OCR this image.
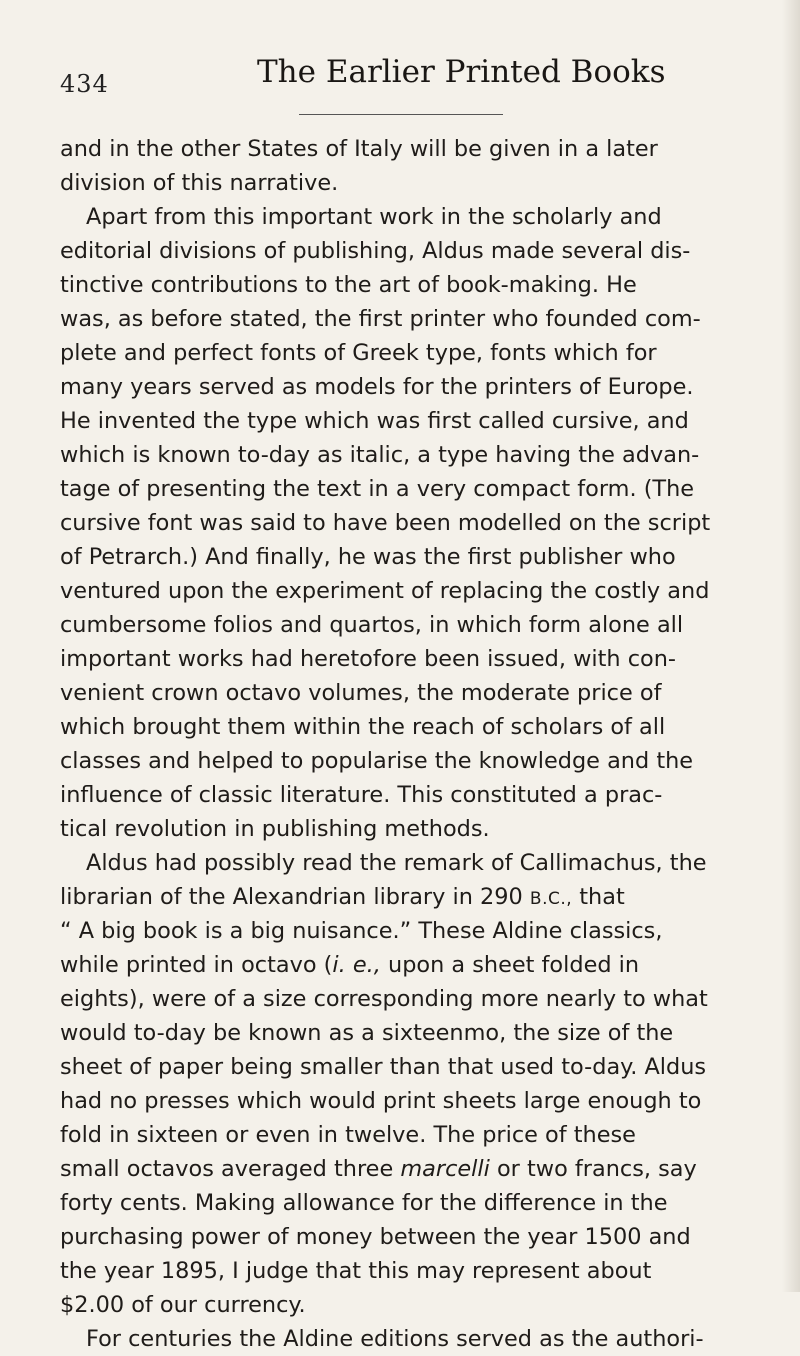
434	The Earlier Printed Books
and in the other States of Italy will be given in a later
division of this narrative.
Apart from this important work in the scholarly and
editorial divisions of publishing, Aldus made several dis-
tinctive contributions to the art of book-making. He
was, as before stated, the first printer who founded com-
plete and perfect fonts of Greek type, fonts which for
many years served as models for the printers of Europe.
He invented the type which was first called cursive, and
which is known to-day as italic, a type having the advan-
tage of presenting the text in a very compact form. (The
cursive font was said to have been modelled on the script
of Petrarch.) And finally, he was the first publisher who
ventured upon the experiment of replacing the costly and
cumbersome folios and quartos, in which form alone all
important works had heretofore been issued, with con-
venient crown octavo volumes, the moderate price of
which brought them within the reach of scholars of all
classes and helped to popularise the knowledge and the
influence of classic literature. This constituted a prac-
tical revolution in publishing methods.
Aldus had possibly read the remark of Callimachus, the
librarian of the Alexandrian library in 290 B.C., that
“ A big book is a big nuisance.” These Aldine classics,
while printed in octavo (i. e., upon a sheet folded in
eights), were of a size corresponding more nearly to what
would to-day be known as a sixteenmo, the size of the
sheet of paper being smaller than that used to-day. Aldus
had no presses which would print sheets large enough to
fold in sixteen or even in twelve. The price of these
small octavos averaged three marcelli or two francs, say
forty cents. Making allowance for the difference in the
purchasing power of money between the year 1500 and
the year 1895, I judge that this may represent about
$2.00 of our currency.
For centuries the Aldine editions served as the authori-
